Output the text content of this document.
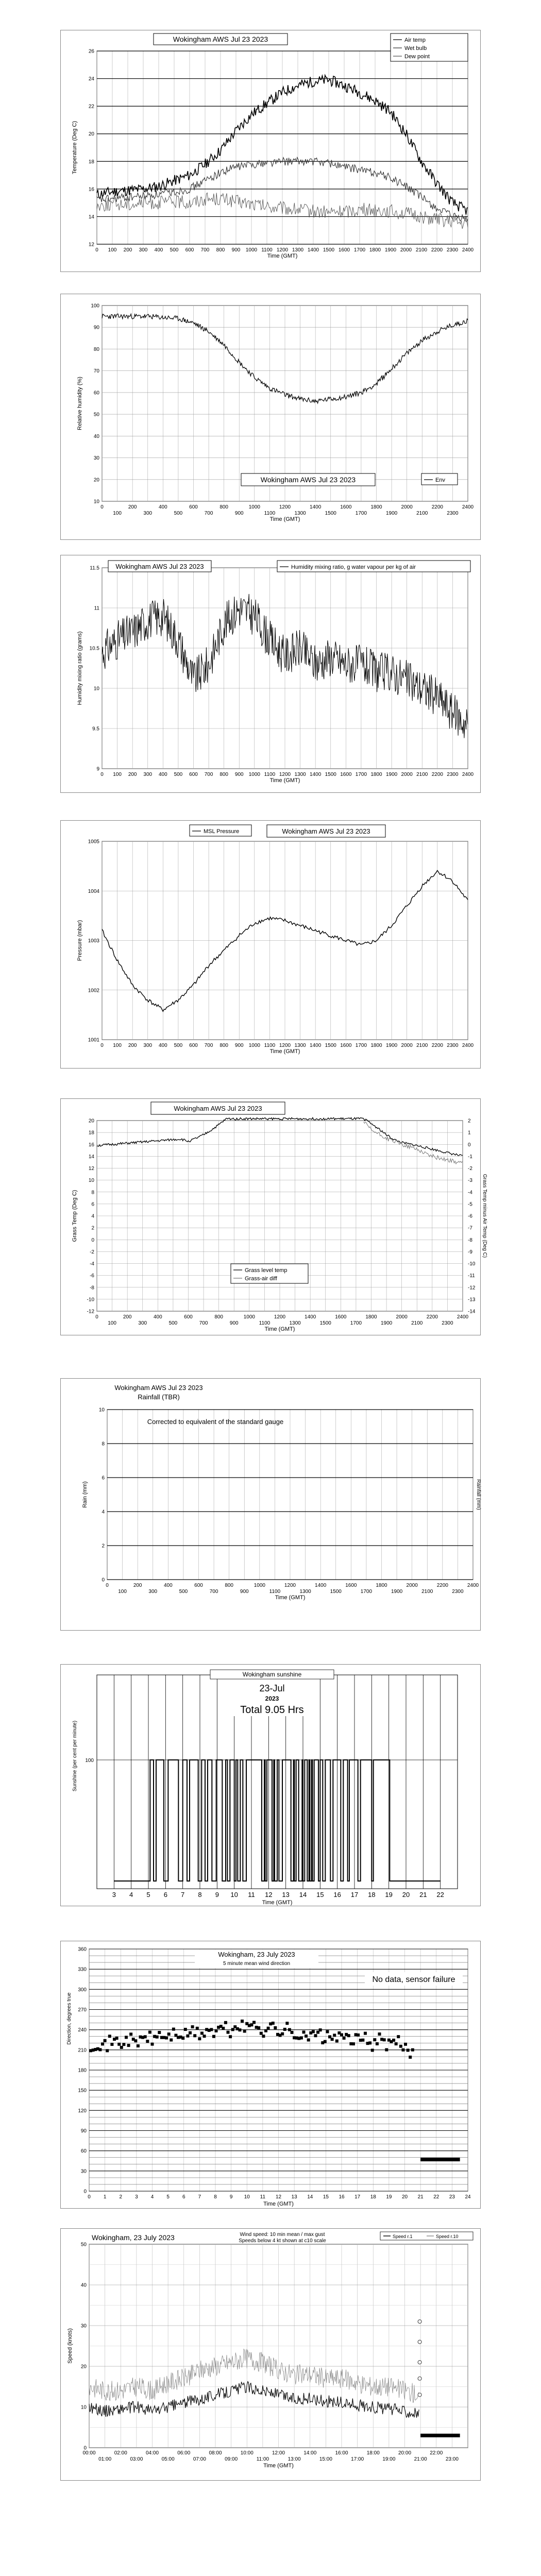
12
14
16
18
20
22
24
26
0 100 200 300 400 500 600 700 800 900 1000 1100 1200 1300 1400 1500 1600 1700 1800 1900 2000 2100 2200 2300 2400
Time (GMT)
Temperature (Deg C)
Wokingham AWS Jul 23 2023	Air temp
Wet bulb
Dew point
10
20
30
40
50
60
70
80
90
100
0
100
200
300
400
500
600
700
800
900
1000
1100
1200
1300
1400
1500
1600
1700
1800
1900
2000
2100
2200
2300
2400
Time (GMT)
Relative humidity (%)
Wokingham AWS Jul 23 2023	Env
9
9.5
10
10.5
11
11.5
0 100 200 300 400 500 600 700 800 900 1000 1100 1200 1300 1400 1500 1600 1700 1800 1900 2000 2100 2200 2300 2400
Time (GMT)
Humidity mixing ratio (grams)
Wokingham AWS Jul 23 2023	Humidity mixing ratio, g water vapour per kg of air
1001
1002
1003
1004
1005
0 100 200 300 400 500 600 700 800 900 1000 1100 1200 1300 1400 1500 1600 1700 1800 1900 2000 2100 2200 2300 2400
Time (GMT)
Pressure (mbar)
MSL Pressure	Wokingham AWS Jul 23 2023
-12
-10
-8
-6
-4
-2
0
2
4
6
8
10
12
14
16
18
20
0
100
200
300
400
500
600
700
800
900
1000
1100
1200
1300
1400
1500
1600
1700
1800
1900
2000
2100
2200
2300
2400
Time (GMT)
Grass Temp (Deg C)
2
1
0
-1
-2
-3
-4
-5
-6
-7
-8
-9
-10
-11
-12
-13
-14
Grass Temp minus Air Temp (Deg C)
Wokingham AWS Jul 23 2023
Grass level temp
Grass-air diff
0
2
4
6
8
10
0
100
200
300
400
500
600
700
800
900
1000
1100
1200
1300
1400
1500
1600
1700
1800
1900
2000
2100
2200
2300
2400
Time (GMT)
Rain (mm)
Wokingham AWS Jul 23 2023
Rainfall (TBR)
Corrected to equivalent of the standard gauge
Rainfall (mm)
3 4 5 6 7 8 9 10 11 12 13 14 15 16 17 18 19 20 21 22
100
Time (GMT)
Sunshine (per cent per minute)
Wokingham sunshine
23-Jul
2023
Total 9.05 Hrs
0	1	2	3	4	5	6	7	8	9 10 11 12 13 14 15 16 17 18 19 20 21 22 23 24
0
30
60
90
120
150
180
210
240
270
300
330
360
Time (GMT)
Direction, degrees true
Wokingham, 23 July 2023
5 minute mean wind direction
No data, sensor failure
0
10
20
30
40
50
00:00	02:00	04:00	06:00	08:00	10:00	12:00	14:00	16:00	18:00	20:00	22:00
01:00	03:00	05:00	07:00	09:00	11:00	13:00	15:00	17:00	19:00	21:00	23:00
Time (GMT)
Speed (knots)
Wokingham, 23 July 2023	Wind speed: 10 min mean / max gust
Speeds below 4 kt shown at c10 scale
Speed r.1	Speed r.10
